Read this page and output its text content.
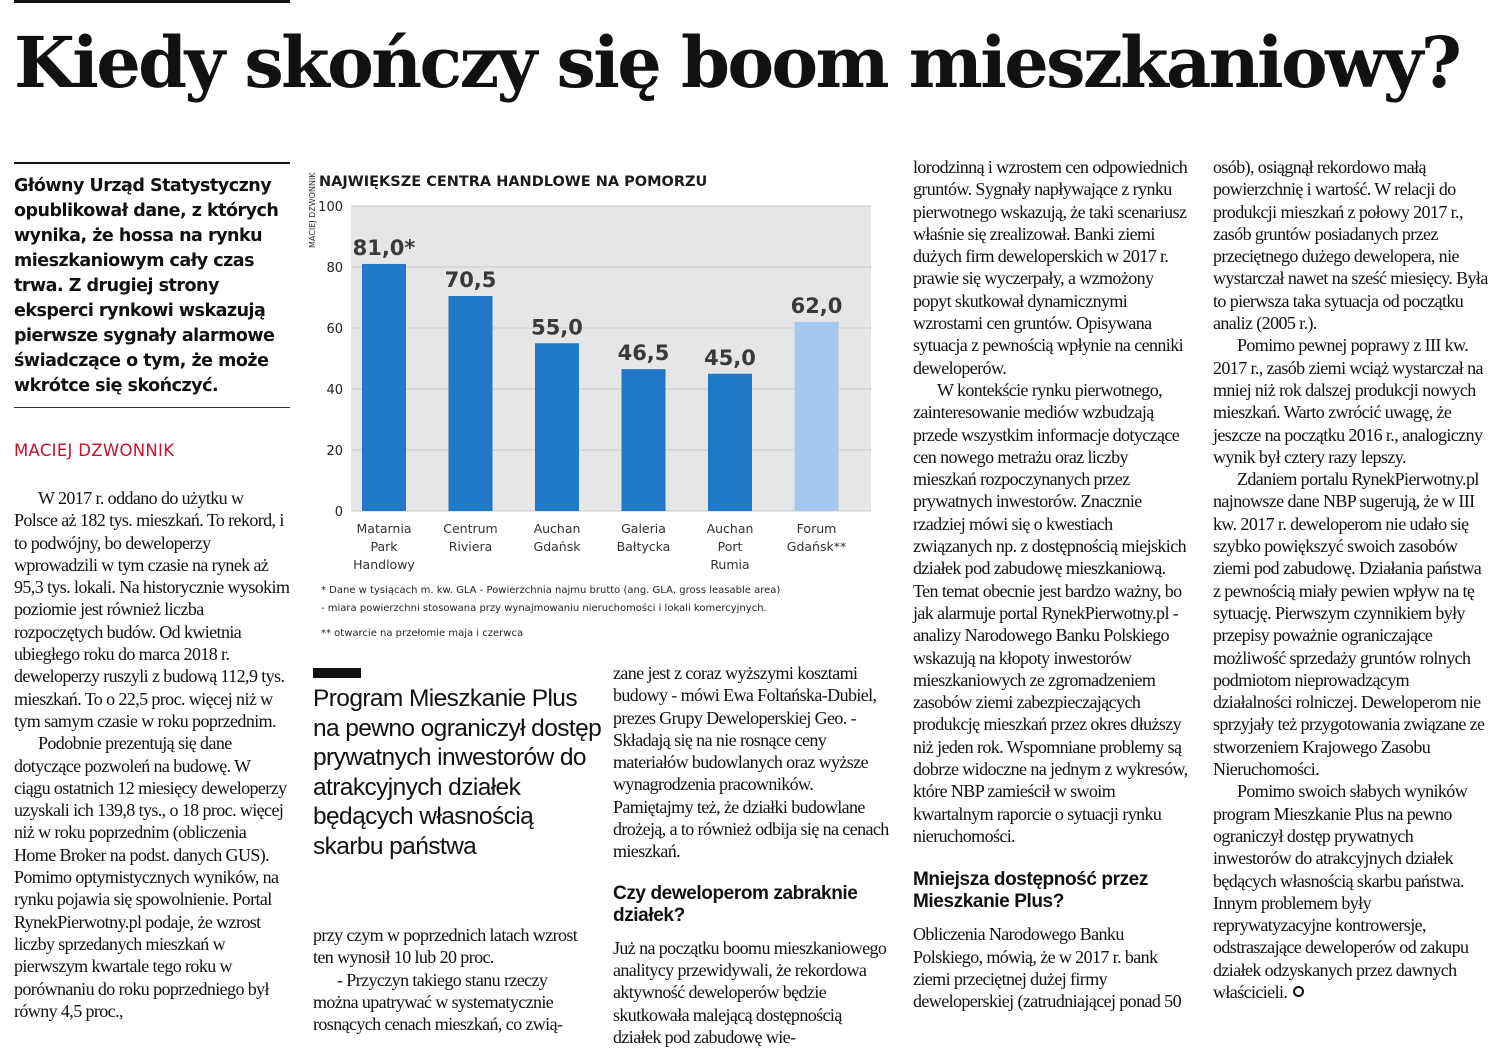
Kiedy skończy się boom mieszkaniowy?

Główny Urząd Statystyczny opublikował dane, z których wynika, że hossa na rynku mieszkaniowym cały czas trwa. Z drugiej strony eksperci rynkowi wskazują pierwsze sygnały alarmowe świadczące o tym, że może wkrótce się skończyć.

MACIEJ DZWONNIK

W 2017 r. oddano do użytku w Polsce aż 182 tys. mieszkań. To rekord, i to podwójny, bo deweloperzy wprowadzili w tym czasie na rynek aż 95,3 tys. lokali. Na historycznie wysokim poziomie jest również liczba rozpoczętych budów. Od kwietnia ubiegłego roku do marca 2018 r. deweloperzy ruszyli z budową 112,9 tys. mieszkań. To o 22,5 proc. więcej niż w tym samym czasie w roku poprzednim.

Podobnie prezentują się dane dotyczące pozwoleń na budowę. W ciągu ostatnich 12 miesięcy deweloperzy uzyskali ich 139,8 tys., o 18 proc. więcej niż w roku poprzednim (obliczenia Home Broker na podst. danych GUS). Pomimo optymistycznych wyników, na rynku pojawia się spowolnienie. Portal RynekPierwotny.pl podaje, że wzrost liczby sprzedanych mieszkań w pierwszym kwartale tego roku w porównaniu do roku poprzedniego był równy 4,5 proc.,

MACIEJ DZWONNIK NAJWIĘKSZE CENTRA HANDLOWE NA POMORZU
0
20
40
60
80
100
81,0*
70,5
55,0
46,5 45,0
62,0
Matarnia
Park
Handlowy
Centrum
Riviera
Auchan
Gdańsk
Galeria
Bałtycka
Auchan
Port
Rumia
Forum
Gdańsk**
* Dane w tysiącach m. kw. GLA - Powierzchnia najmu brutto (ang. GLA, gross leasable area)
- miara powierzchni stosowana przy wynajmowaniu nieruchomości i lokali komercyjnych.
** otwarcie na przełomie maja i czerwca

Program Mieszkanie Plus na pewno ograniczył dostęp prywatnych inwestorów do atrakcyjnych działek będących własnością skarbu państwa

przy czym w poprzednich latach wzrost ten wynosił 10 lub 20 proc.

- Przyczyn takiego stanu rzeczy można upatrywać w systematycznie rosnących cenach mieszkań, co zwią-

zane jest z coraz wyższymi kosztami budowy - mówi Ewa Foltańska-Dubiel, prezes Grupy Deweloperskiej Geo. - Składają się na nie rosnące ceny materiałów budowlanych oraz wyższe wynagrodzenia pracowników. Pamiętajmy też, że działki budowlane drożeją, a to również odbija się na cenach mieszkań.

Czy deweloperom zabraknie działek?

Już na początku boomu mieszkaniowego analitycy przewidywali, że rekordowa aktywność deweloperów będzie skutkowała malejącą dostępnością działek pod zabudowę wie-

lorodzinną i wzrostem cen odpowiednich gruntów. Sygnały napływające z rynku pierwotnego wskazują, że taki scenariusz właśnie się zrealizował. Banki ziemi dużych firm deweloperskich w 2017 r. prawie się wyczerpały, a wzmożony popyt skutkował dynamicznymi wzrostami cen gruntów. Opisywana sytuacja z pewnością wpłynie na cenniki deweloperów.

W kontekście rynku pierwotnego, zainteresowanie mediów wzbudzają przede wszystkim informacje dotyczące cen nowego metrażu oraz liczby mieszkań rozpoczynanych przez prywatnych inwestorów. Znacznie rzadziej mówi się o kwestiach związanych np. z dostępnością miejskich działek pod zabudowę mieszkaniową. Ten temat obecnie jest bardzo ważny, bo jak alarmuje portal RynekPierwotny.pl - analizy Narodowego Banku Polskiego wskazują na kłopoty inwestorów mieszkaniowych ze zgromadzeniem zasobów ziemi zabezpieczających produkcję mieszkań przez okres dłuższy niż jeden rok. Wspomniane problemy są dobrze widoczne na jednym z wykresów, które NBP zamieścił w swoim kwartalnym raporcie o sytuacji rynku nieruchomości.

Mniejsza dostępność przez Mieszkanie Plus?

Obliczenia Narodowego Banku Polskiego, mówią, że w 2017 r. bank ziemi przeciętnej dużej firmy deweloperskiej (zatrudniającej ponad 50

osób), osiągnął rekordowo małą powierzchnię i wartość. W relacji do produkcji mieszkań z połowy 2017 r., zasób gruntów posiadanych przez przeciętnego dużego dewelopera, nie wystarczał nawet na sześć miesięcy. Była to pierwsza taka sytuacja od początku analiz (2005 r.).

Pomimo pewnej poprawy z III kw. 2017 r., zasób ziemi wciąż wystarczał na mniej niż rok dalszej produkcji nowych mieszkań. Warto zwrócić uwagę, że jeszcze na początku 2016 r., analogiczny wynik był cztery razy lepszy.

Zdaniem portalu RynekPierwotny.pl najnowsze dane NBP sugerują, że w III kw. 2017 r. deweloperom nie udało się szybko powiększyć swoich zasobów ziemi pod zabudowę. Działania państwa z pewnością miały pewien wpływ na tę sytuację. Pierwszym czynnikiem były przepisy poważnie ograniczające możliwość sprzedaży gruntów rolnych podmiotom nieprowadzącym działalności rolniczej. Deweloperom nie sprzyjały też przygotowania związane ze stworzeniem Krajowego Zasobu Nieruchomości.

Pomimo swoich słabych wyników program Mieszkanie Plus na pewno ograniczył dostęp prywatnych inwestorów do atrakcyjnych działek będących własnością skarbu państwa. Innym problemem były reprywatyzacyjne kontrowersje, odstraszające deweloperów od zakupu działek odzyskanych przez dawnych właścicieli.
